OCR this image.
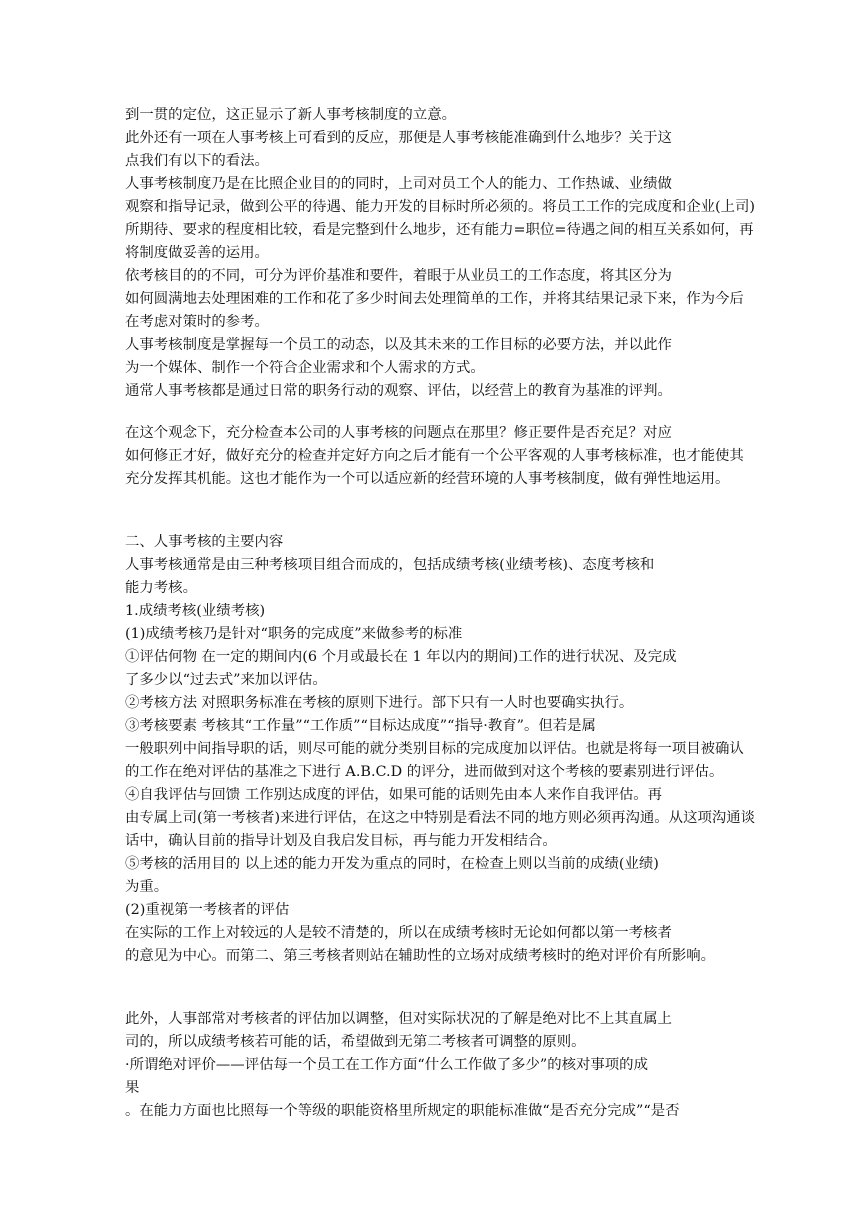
到一贯的定位，这正显示了新人事考核制度的立意。
此外还有一项在人事考核上可看到的反应，那便是人事考核能准确到什么地步？关于这
点我们有以下的看法。
人事考核制度乃是在比照企业目的的同时，上司对员工个人的能力、工作热诚、业绩做
观察和指导记录，做到公平的待遇、能力开发的目标时所必须的。将员工工作的完成度和企业(上司)
所期待、要求的程度相比较，看是完整到什么地步，还有能力=职位=待遇之间的相互关系如何，再
将制度做妥善的运用。
依考核目的的不同，可分为评价基准和要件，着眼于从业员工的工作态度，将其区分为
如何圆满地去处理困难的工作和花了多少时间去处理简单的工作，并将其结果记录下来，作为今后
在考虑对策时的参考。
人事考核制度是掌握每一个员工的动态，以及其未来的工作目标的必要方法，并以此作
为一个媒体、制作一个符合企业需求和个人需求的方式。
通常人事考核都是通过日常的职务行动的观察、评估，以经营上的教育为基准的评判。
在这个观念下，充分检查本公司的人事考核的问题点在那里？修正要件是否充足？对应
如何修正才好，做好充分的检查并定好方向之后才能有一个公平客观的人事考核标准，也才能使其
充分发挥其机能。这也才能作为一个可以适应新的经营环境的人事考核制度，做有弹性地运用。
二、人事考核的主要内容
人事考核通常是由三种考核项目组合而成的，包括成绩考核(业绩考核)、态度考核和
能力考核。
1.成绩考核(业绩考核)
(1)成绩考核乃是针对“职务的完成度”来做参考的标准
①评估何物 在一定的期间内(6 个月或最长在 1 年以内的期间)工作的进行状况、及完成
了多少以“过去式”来加以评估。
②考核方法 对照职务标准在考核的原则下进行。部下只有一人时也要确实执行。
③考核要素 考核其“工作量”“工作质”“目标达成度”“指导·教育”。但若是属
一般职列中间指导职的话，则尽可能的就分类别目标的完成度加以评估。也就是将每一项目被确认
的工作在绝对评估的基准之下进行 A.B.C.D 的评分，进而做到对这个考核的要素别进行评估。
④自我评估与回馈 工作别达成度的评估，如果可能的话则先由本人来作自我评估。再
由专属上司(第一考核者)来进行评估，在这之中特别是看法不同的地方则必须再沟通。从这项沟通谈
话中，确认目前的指导计划及自我启发目标，再与能力开发相结合。
⑤考核的活用目的 以上述的能力开发为重点的同时，在检查上则以当前的成绩(业绩)
为重。
(2)重视第一考核者的评估
在实际的工作上对较远的人是较不清楚的，所以在成绩考核时无论如何都以第一考核者
的意见为中心。而第二、第三考核者则站在辅助性的立场对成绩考核时的绝对评价有所影响。
此外，人事部常对考核者的评估加以调整，但对实际状况的了解是绝对比不上其直属上
司的，所以成绩考核若可能的话，希望做到无第二考核者可调整的原则。
·所谓绝对评价——评估每一个员工在工作方面“什么工作做了多少”的核对事项的成
果
。在能力方面也比照每一个等级的职能资格里所规定的职能标准做“是否充分完成”“是否
